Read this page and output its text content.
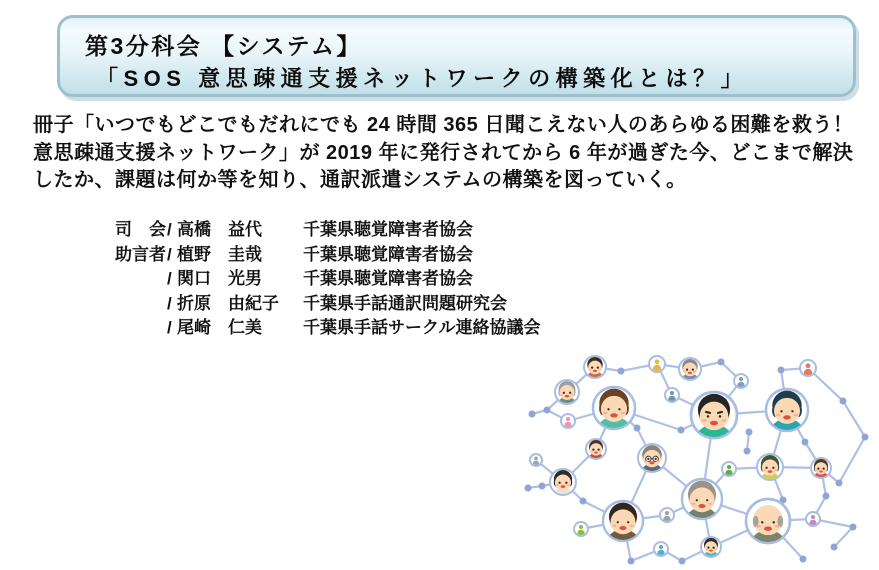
第3分科会 【システム】
「SOS 意思疎通支援ネットワークの構築化とは？」
冊子「いつでもどこでもだれにでも 24 時間 365 日聞こえない人のあらゆる困難を救う！
意思疎通支援ネットワーク」が 2019 年に発行されてから 6 年が過ぎた今、どこまで解決
したか、課題は何か等を知り、通訳派遣システムの構築を図っていく。
司　会 / 高橋　益代	千葉県聴覚障害者協会
助言者 / 植野　圭哉	千葉県聴覚障害者協会

/ 関口　光男	千葉県聴覚障害者協会

/ 折原　由紀子	千葉県手話通訳問題研究会

/ 尾崎　仁美	千葉県手話サークル連絡協議会
